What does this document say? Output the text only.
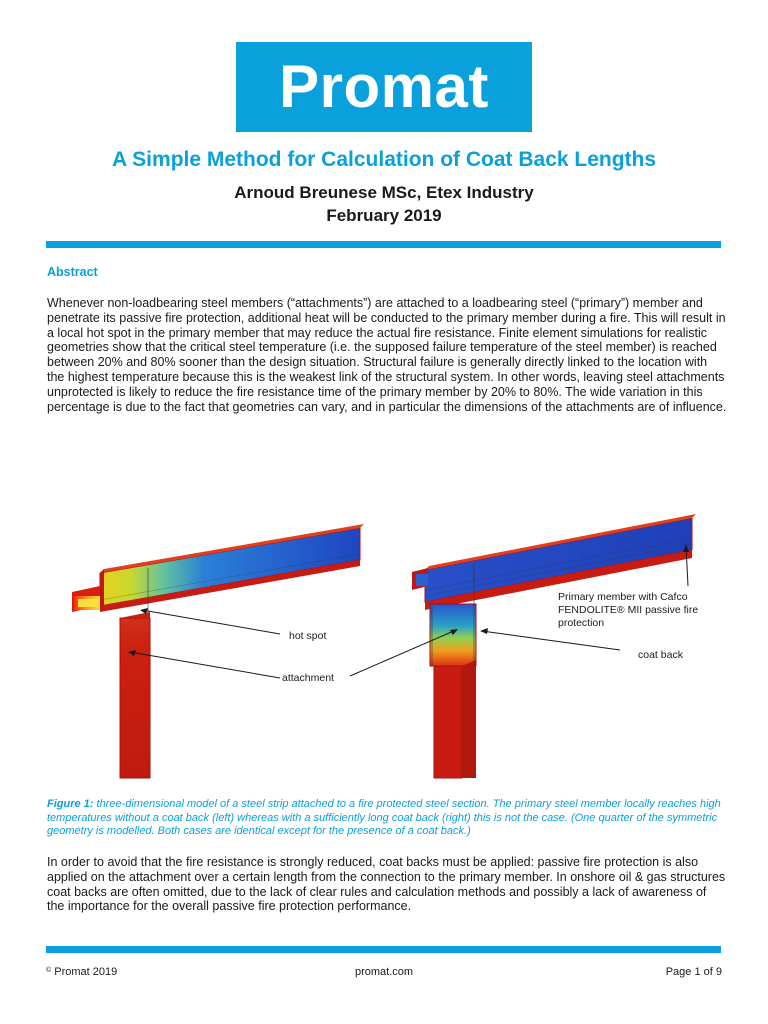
Promat
A Simple Method for Calculation of Coat Back Lengths
Arnoud Breunese MSc, Etex Industry
February 2019
Abstract
Whenever non-loadbearing steel members (“attachments”) are attached to a loadbearing steel (“primary”) member and penetrate its passive fire protection, additional heat will be conducted to the primary member during a fire. This will result in a local hot spot in the primary member that may reduce the actual fire resistance. Finite element simulations for realistic geometries show that the critical steel temperature (i.e. the supposed failure temperature of the steel member) is reached between 20% and 80% sooner than the design situation. Structural failure is generally directly linked to the location with the highest temperature because this is the weakest link of the structural system. In other words, leaving steel attachments unprotected is likely to reduce the fire resistance time of the primary member by 20% to 80%. The wide variation in this percentage is due to the fact that geometries can vary, and in particular the dimensions of the attachments are of influence.
hot spot
attachment
Primary member with Cafco
FENDOLITE® MII passive fire
protection
coat back
Figure 1: three-dimensional model of a steel strip attached to a fire protected steel section. The primary steel member locally reaches high temperatures without a coat back (left) whereas with a sufficiently long coat back (right) this is not the case. (One quarter of the symmetric geometry is modelled. Both cases are identical except for the presence of a coat back.)
In order to avoid that the fire resistance is strongly reduced, coat backs must be applied: passive fire protection is also applied on the attachment over a certain length from the connection to the primary member. In onshore oil & gas structures coat backs are often omitted, due to the lack of clear rules and calculation methods and possibly a lack of awareness of the importance for the overall passive fire protection performance.
© Promat 2019	promat.com	Page 1 of 9
